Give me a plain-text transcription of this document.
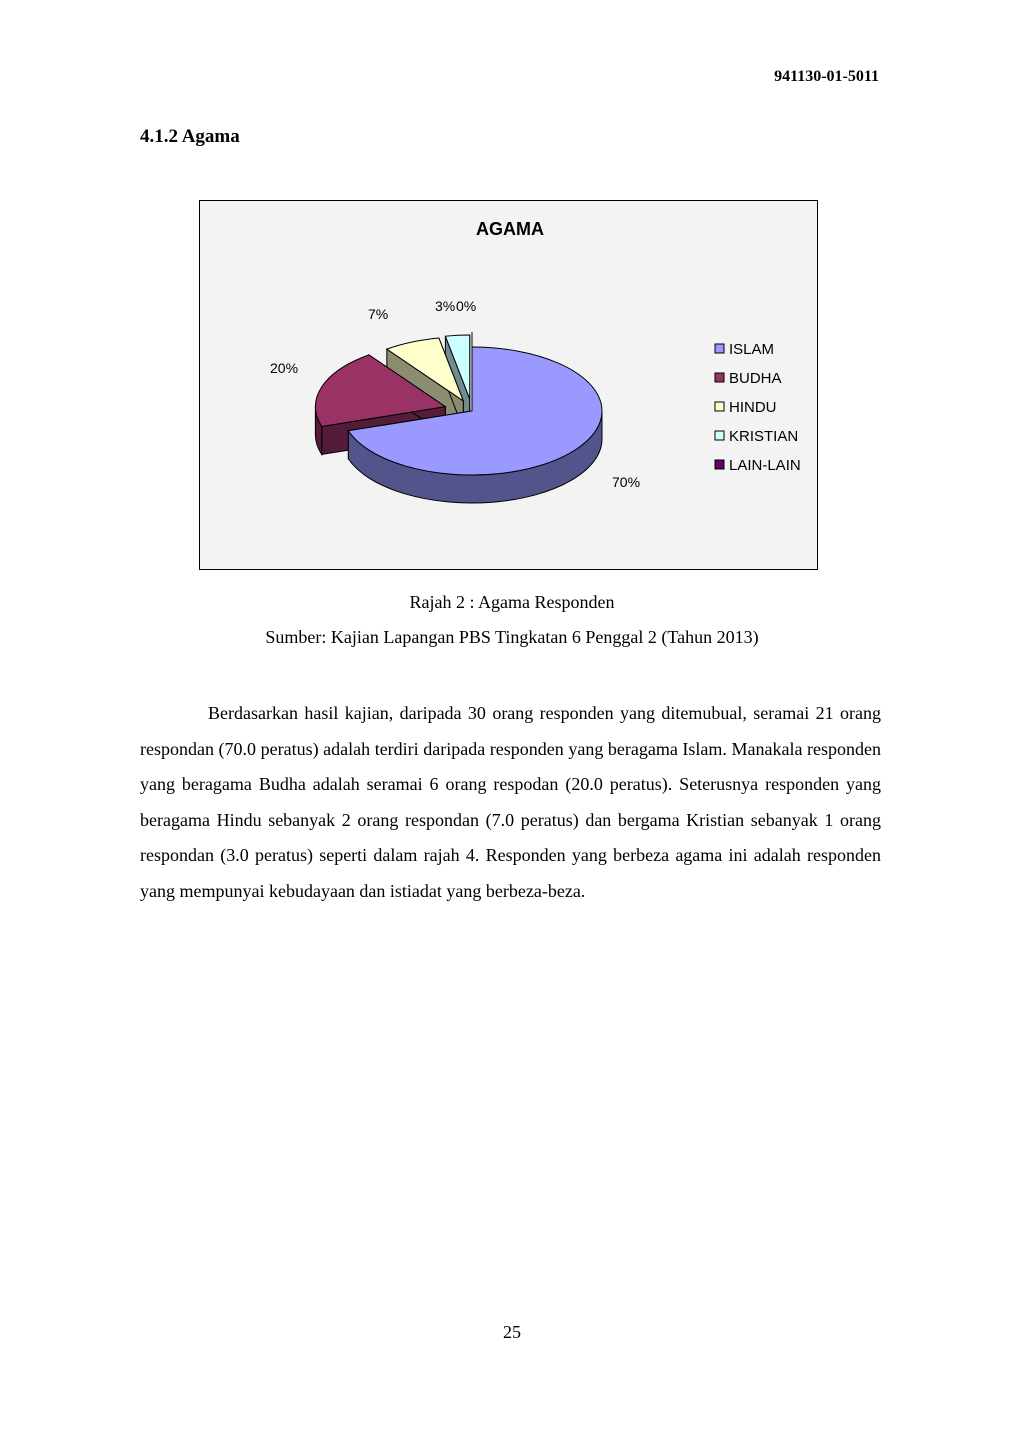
941130-01-5011
4.1.2 Agama
AGAMA
70%
20%
7%	3% 0%
ISLAM
BUDHA
HINDU
KRISTIAN
LAIN-LAIN
Rajah 2 : Agama Responden
Sumber: Kajian Lapangan PBS Tingkatan 6 Penggal 2 (Tahun 2013)

Berdasarkan hasil kajian, daripada 30 orang responden yang ditemubual, seramai 21 orang respondan (70.0 peratus) adalah terdiri daripada responden yang beragama Islam. Manakala responden yang beragama Budha adalah seramai 6 orang respodan (20.0 peratus). Seterusnya responden yang beragama Hindu sebanyak 2 orang respondan (7.0 peratus) dan bergama Kristian sebanyak 1 orang respondan (3.0 peratus) seperti dalam rajah 4. Responden yang berbeza agama ini adalah responden yang mempunyai kebudayaan dan istiadat yang berbeza-beza.

25
